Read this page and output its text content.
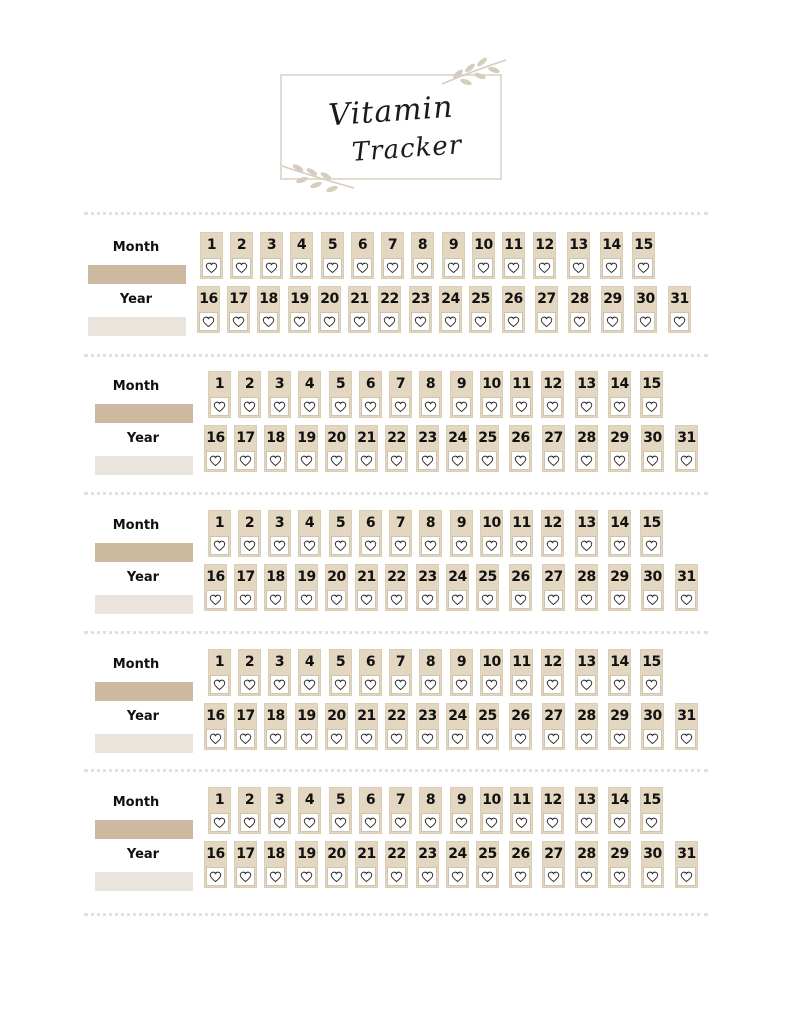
Vitamin
Tracker
Month
Year
1	2	3	4	5	6	7	8	9	10 11 12 13 14 15
16 17 18 19 20 21 22 23 24 25 26 27 28 29 30 31
Month
Year
1	2	3	4	5	6	7	8	9	10 11 12 13 14 15
16 17 18 19 20 21 22 23 24 25 26 27 28 29 30 31
Month
Year
1	2	3	4	5	6	7	8	9	10 11 12 13 14 15
16 17 18 19 20 21 22 23 24 25 26 27 28 29 30 31
Month
Year
1	2	3	4	5	6	7	8	9	10 11 12 13 14 15
16 17 18 19 20 21 22 23 24 25 26 27 28 29 30 31
Month
Year
1	2	3	4	5	6	7	8	9	10 11 12 13 14 15
16 17 18 19 20 21 22 23 24 25 26 27 28 29 30 31
